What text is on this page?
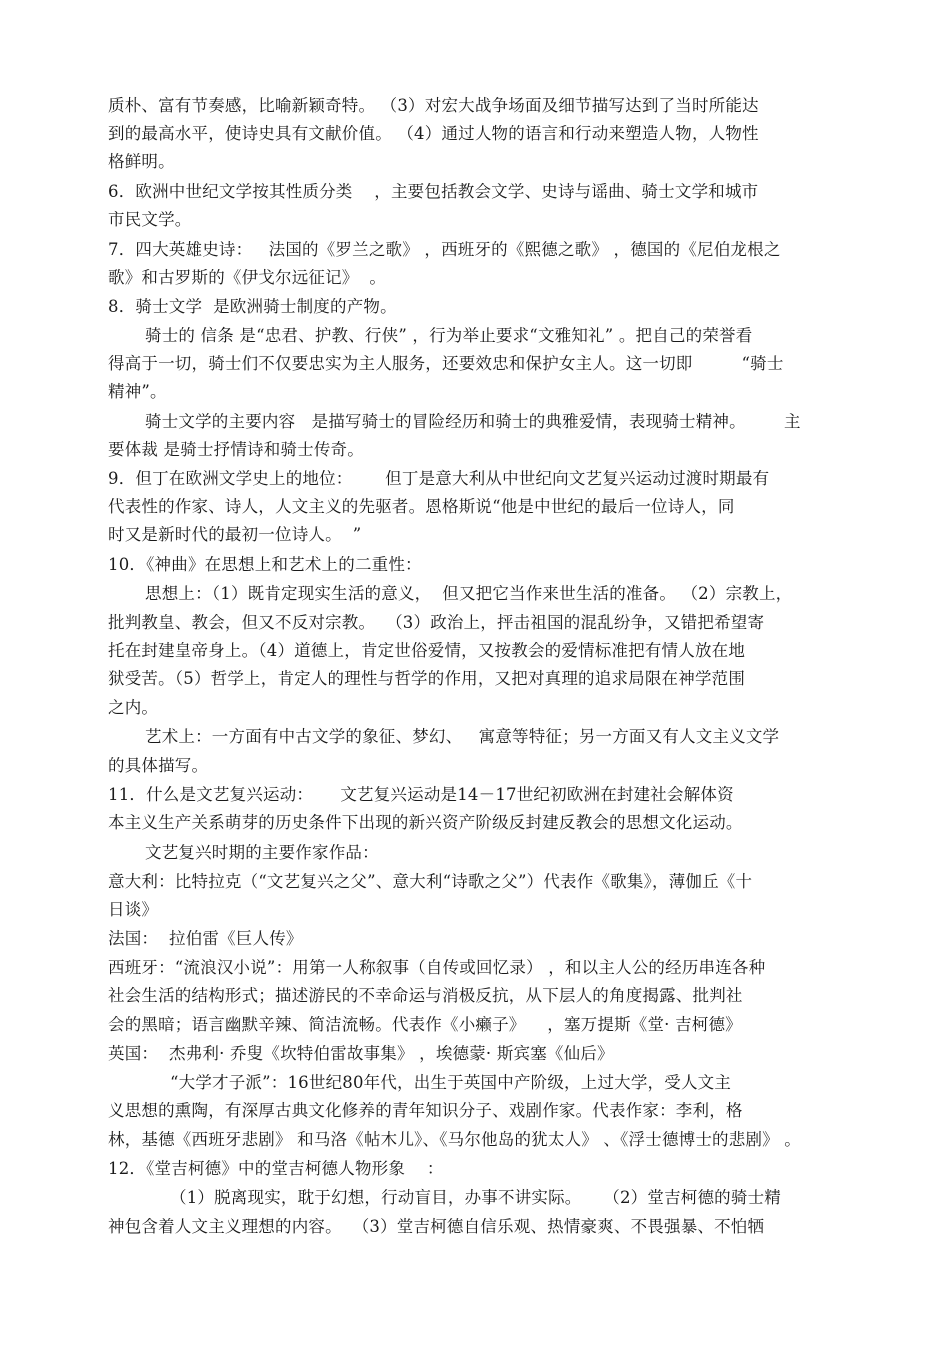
质朴、富有节奏感，比喻新颖奇特。 （3）对宏大战争场面及细节描写达到了当时所能达
到的最高水平，使诗史具有文献价值。 （4）通过人物的语言和行动来塑造人物，人物性
格鲜明。
6．欧洲中世纪文学按其性质分类    ，主要包括教会文学、史诗与谣曲、骑士文学和城市
市民文学。
7．四大英雄史诗：   法国的《罗兰之歌》 ，西班牙的《熙德之歌》 ，德国的《尼伯龙根之
歌》和古罗斯的《伊戈尔远征记》  。
8．骑士文学  是欧洲骑士制度的产物。
骑士的 信条 是“忠君、护教、行侠” ，行为举止要求“文雅知礼” 。把自己的荣誉看
得高于一切，骑士们不仅要忠实为主人服务，还要效忠和保护女主人。这一切即         “骑士
精神”。
骑士文学的主要内容   是描写骑士的冒险经历和骑士的典雅爱情，表现骑士精神。       主
要体裁 是骑士抒情诗和骑士传奇。
9．但丁在欧洲文学史上的地位：      但丁是意大利从中世纪向文艺复兴运动过渡时期最有
代表性的作家、诗人，人文主义的先驱者。恩格斯说“他是中世纪的最后一位诗人，同
时又是新时代的最初一位诗人。  ”
10．《神曲》在思想上和艺术上的二重性：
思想上：（1）既肯定现实生活的意义，  但又把它当作来世生活的准备。 （2）宗教上，
批判教皇、教会，但又不反对宗教。  （3）政治上，抨击祖国的混乱纷争，又错把希望寄
托在封建皇帝身上。（4）道德上，肯定世俗爱情，又按教会的爱情标准把有情人放在地
狱受苦。（5）哲学上，肯定人的理性与哲学的作用，又把对真理的追求局限在神学范围
之内。
艺术上：一方面有中古文学的象征、梦幻、   寓意等特征；另一方面又有人文主义文学
的具体描写。
11．什么是文艺复兴运动：     文艺复兴运动是14－17世纪初欧洲在封建社会解体资
本主义生产关系萌芽的历史条件下出现的新兴资产阶级反封建反教会的思想文化运动。
文艺复兴时期的主要作家作品：
意大利：比特拉克（“文艺复兴之父”、意大利“诗歌之父”）代表作《歌集》，薄伽丘《十
日谈》
法国：  拉伯雷《巨人传》
西班牙：“流浪汉小说”：用第一人称叙事（自传或回忆录） ，和以主人公的经历串连各种
社会生活的结构形式；描述游民的不幸命运与消极反抗，从下层人的角度揭露、批判社
会的黑暗；语言幽默辛辣、简洁流畅。代表作《小癞子》    ，塞万提斯《堂· 吉柯德》
英国：  杰弗利· 乔叟《坎特伯雷故事集》 ，埃德蒙· 斯宾塞《仙后》
“大学才子派”：16世纪80年代，出生于英国中产阶级，上过大学，受人文主
义思想的熏陶，有深厚古典文化修养的青年知识分子、戏剧作家。代表作家：李利，格
林，基德《西班牙悲剧》 和马洛《帖木儿》、《马尔他岛的犹太人》 、《浮士德博士的悲剧》 。
12．《堂吉柯德》中的堂吉柯德人物形象    ：
（1）脱离现实，耽于幻想，行动盲目，办事不讲实际。    （2）堂吉柯德的骑士精
神包含着人文主义理想的内容。  （3）堂吉柯德自信乐观、热情豪爽、不畏强暴、不怕牺
